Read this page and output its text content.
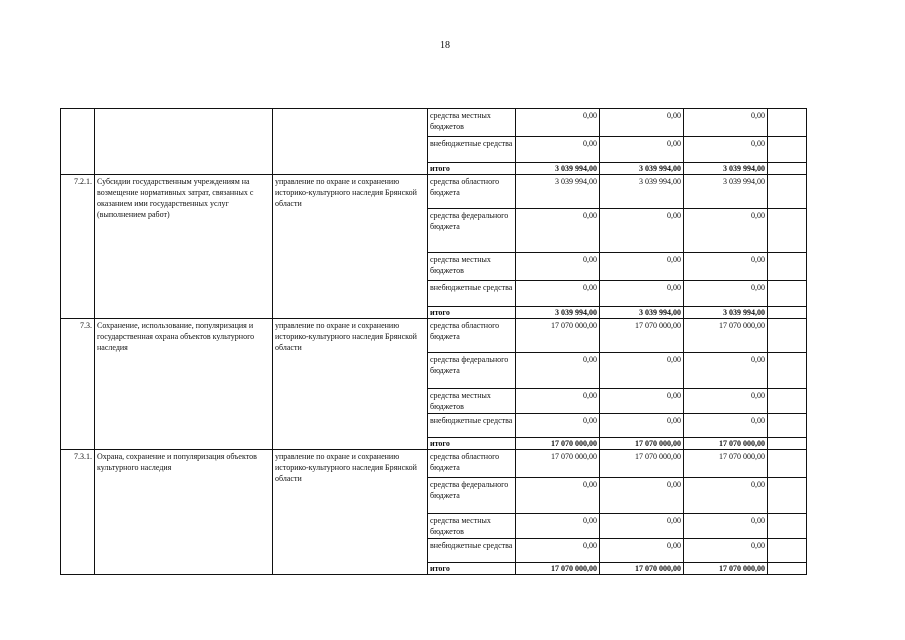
18
			средства местных бюджетов	0,00	0,00	0,00	
			внебюджетные средства	0,00	0,00	0,00	
			итого	3 039 994,00	3 039 994,00	3 039 994,00	
7.2.1.	Субсидии государственным учреждениям на возмещение нормативных затрат, связанных с оказанием ими государственных услуг (выполнением работ)	управление по охране и сохранению историко-культурного наследия Брянской области	средства областного бюджета	3 039 994,00	3 039 994,00	3 039 994,00	
			средства федерального бюджета	0,00	0,00	0,00	
			средства местных бюджетов	0,00	0,00	0,00	
			внебюджетные средства	0,00	0,00	0,00	
			итого	3 039 994,00	3 039 994,00	3 039 994,00	
7.3.	Сохранение, использование, популяризация и государственная охрана объектов культурного наследия	управление по охране и сохранению историко-культурного наследия Брянской области	средства областного бюджета	17 070 000,00	17 070 000,00	17 070 000,00	
			средства федерального бюджета	0,00	0,00	0,00	
			средства местных бюджетов	0,00	0,00	0,00	
			внебюджетные средства	0,00	0,00	0,00	
			итого	17 070 000,00	17 070 000,00	17 070 000,00	
7.3.1.	Охрана, сохранение и популяризация объектов культурного наследия	управление по охране и сохранению историко-культурного наследия Брянской области	средства областного бюджета	17 070 000,00	17 070 000,00	17 070 000,00	
			средства федерального бюджета	0,00	0,00	0,00	
			средства местных бюджетов	0,00	0,00	0,00	
			внебюджетные средства	0,00	0,00	0,00	
			итого	17 070 000,00	17 070 000,00	17 070 000,00	
